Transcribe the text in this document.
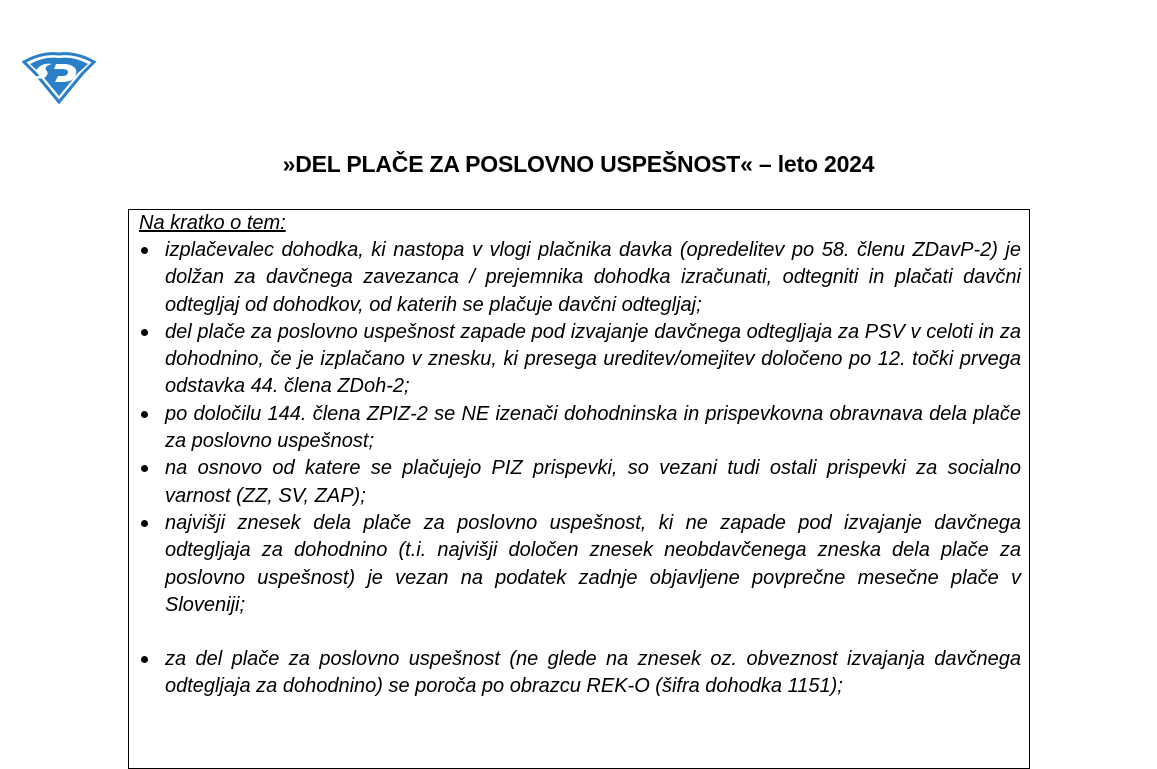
»DEL PLAČE ZA POSLOVNO USPEŠNOST« – leto 2024
Na kratko o tem:
izplačevalec dohodka, ki nastopa v vlogi plačnika davka (opredelitev po 58. členu ZDavP-2) je dolžan za davčnega zavezanca / prejemnika dohodka izračunati, odtegniti in plačati davčni odtegljaj od dohodkov, od katerih se plačuje davčni odtegljaj;
del plače za poslovno uspešnost zapade pod izvajanje davčnega odtegljaja za PSV v celoti in za dohodnino, če je izplačano v znesku, ki presega ureditev/omejitev določeno po 12. točki prvega odstavka 44. člena ZDoh-2;
po določilu 144. člena ZPIZ-2 se NE izenači dohodninska in prispevkovna obravnava dela plače za poslovno uspešnost;
na osnovo od katere se plačujejo PIZ prispevki, so vezani tudi ostali prispevki za socialno varnost (ZZ, SV, ZAP);
najvišji znesek dela plače za poslovno uspešnost, ki ne zapade pod izvajanje davčnega odtegljaja za dohodnino (t.i. najvišji določen znesek neobdavčenega zneska dela plače za poslovno uspešnost) je vezan na podatek zadnje objavljene povprečne mesečne plače v Sloveniji;
za del plače za poslovno uspešnost (ne glede na znesek oz. obveznost izvajanja davčnega odtegljaja za dohodnino) se poroča po obrazcu REK-O (šifra dohodka 1151);
